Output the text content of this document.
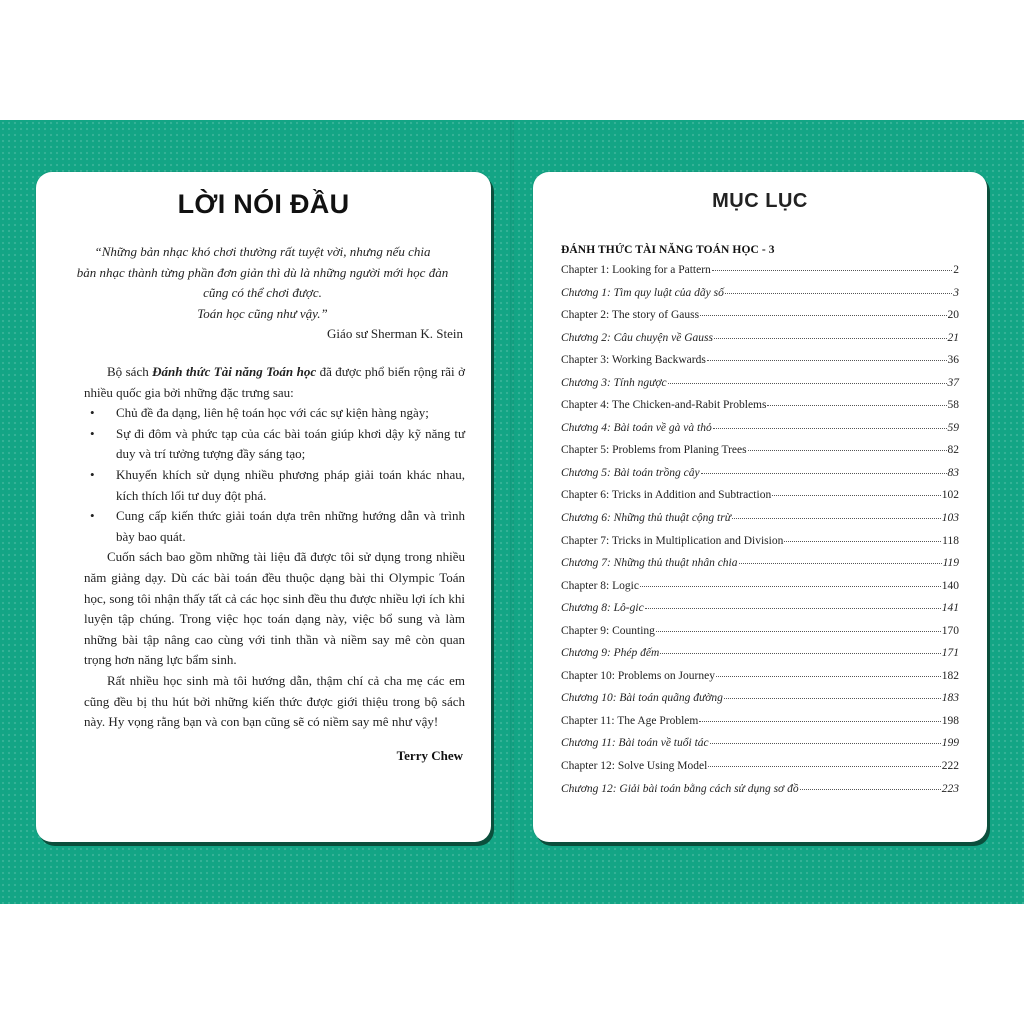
LỜI NÓI ĐẦU
“Những bản nhạc khó chơi thường rất tuyệt vời, nhưng nếu chia
bản nhạc thành từng phần đơn giản thì dù là những người mới học đàn
cũng có thể chơi được.
Toán học cũng như vậy.”
Giáo sư Sherman K. Stein

Bộ sách Đánh thức Tài năng Toán học đã được phổ biến rộng rãi ở nhiều quốc gia bởi những đặc trưng sau:

• Chủ đề đa dạng, liên hệ toán học với các sự kiện hàng ngày;
• Sự đi đôm và phức tạp của các bài toán giúp khơi dậy kỹ năng tư duy và trí tưởng tượng đầy sáng tạo;
• Khuyến khích sử dụng nhiều phương pháp giải toán khác nhau, kích thích lối tư duy đột phá.
• Cung cấp kiến thức giải toán dựa trên những hướng dẫn và trình bày bao quát.

Cuốn sách bao gồm những tài liệu đã được tôi sử dụng trong nhiều năm giảng dạy. Dù các bài toán đều thuộc dạng bài thi Olympic Toán học, song tôi nhận thấy tất cả các học sinh đều thu được nhiều lợi ích khi luyện tập chúng. Trong việc học toán dạng này, việc bổ sung và làm những bài tập nâng cao cùng với tinh thần và niềm say mê còn quan trọng hơn năng lực bẩm sinh.

Rất nhiều học sinh mà tôi hướng dẫn, thậm chí cả cha mẹ các em cũng đều bị thu hút bởi những kiến thức được giới thiệu trong bộ sách này. Hy vọng rằng bạn và con bạn cũng sẽ có niềm say mê như vậy!

Terry Chew
MỤC LỤC
ĐÁNH THỨC TÀI NĂNG TOÁN HỌC - 3
Chapter 1: Looking for a Pattern	2
Chương 1: Tìm quy luật của dãy số	3
Chapter 2: The story of Gauss	20
Chương 2: Câu chuyện về Gauss	21
Chapter 3: Working Backwards	36
Chương 3: Tính ngược	37
Chapter 4: The Chicken-and-Rabit Problems	58
Chương 4: Bài toán về gà và thỏ	59
Chapter 5: Problems from Planing Trees	82
Chương 5: Bài toán trồng cây	83
Chapter 6: Tricks in Addition and Subtraction	102
Chương 6: Những thủ thuật cộng trừ	103
Chapter 7: Tricks in Multiplication and Division	118
Chương 7: Những thủ thuật nhân chia	119
Chapter 8: Logic	140
Chương 8: Lô-gic	141
Chapter 9: Counting	170
Chương 9: Phép đếm	171
Chapter 10: Problems on Journey	182
Chương 10: Bài toán quãng đường	183
Chapter 11: The Age Problem	198
Chương 11: Bài toán về tuổi tác	199
Chapter 12: Solve Using Model	222
Chương 12: Giải bài toán bằng cách sử dụng sơ đồ	223
